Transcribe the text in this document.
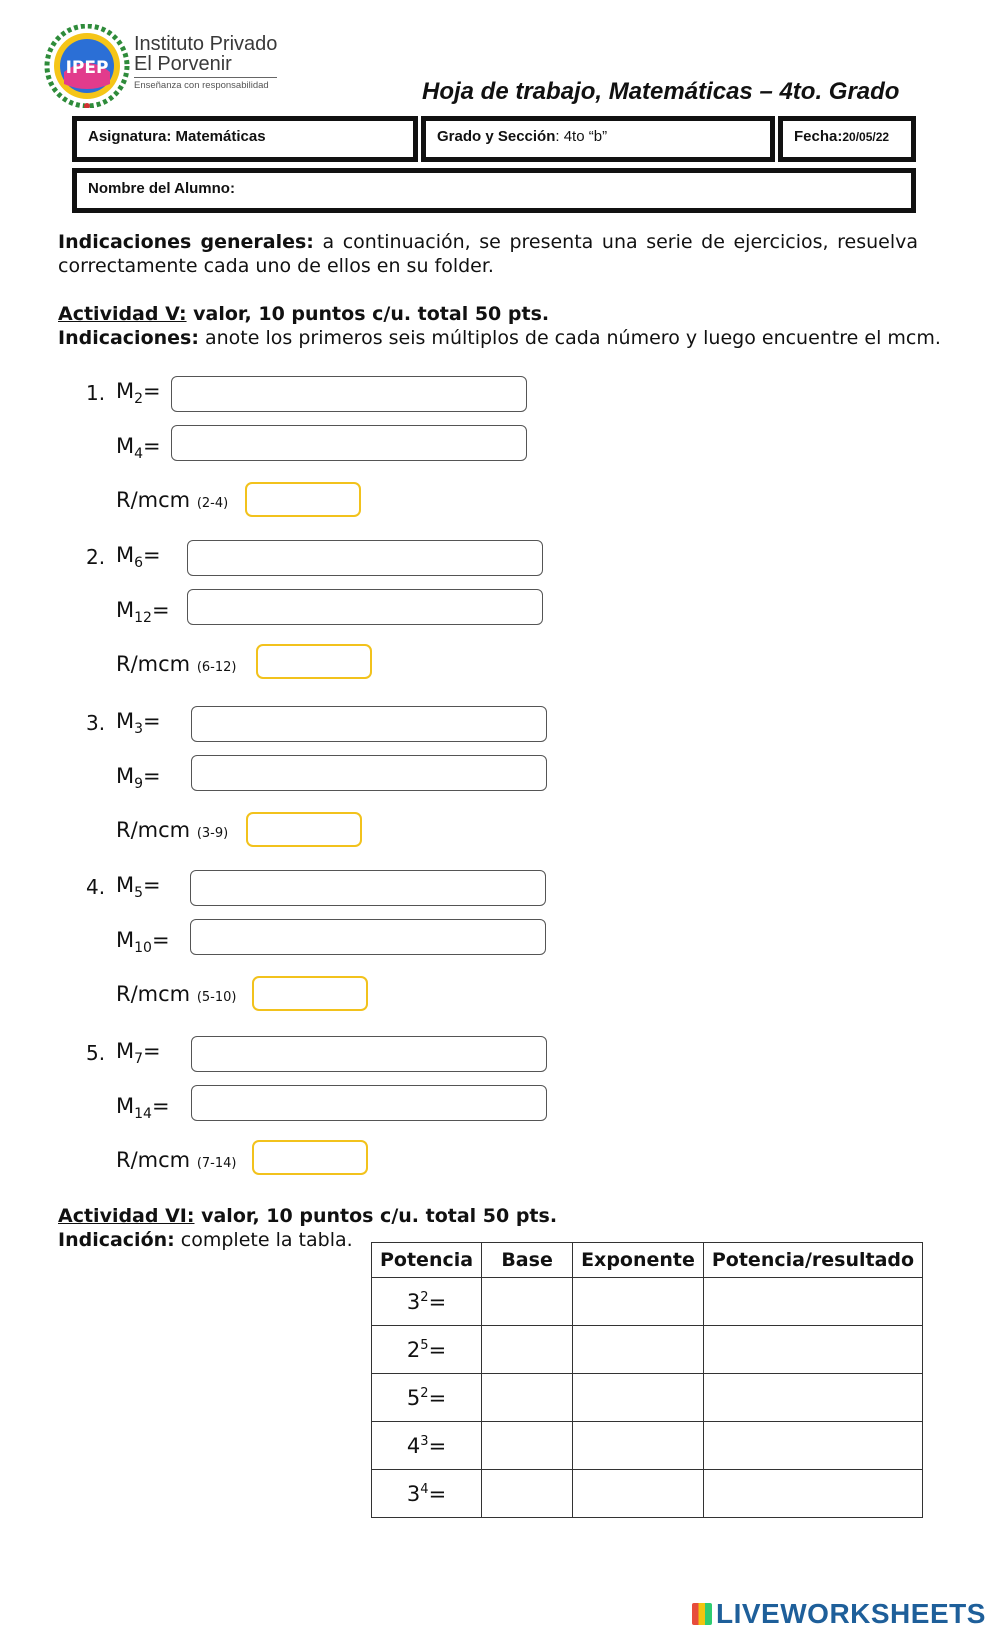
IPEP
Instituto Privado
El Porvenir
Enseñanza con responsabilidad	Hoja de trabajo, Matemáticas – 4to. Grado
Asignatura: Matemáticas	Grado y Sección: 4to “b”	Fecha:20/05/22
Nombre del Alumno:
Indicaciones generales: a continuación, se presenta una serie de ejercicios, resuelva correctamente cada uno de ellos en su folder.
Actividad V: valor, 10 puntos c/u. total 50 pts.
Indicaciones: anote los primeros seis múltiplos de cada número y luego encuentre el mcm.
1. $M_2=$
$M_4=$
R/mcm (2-4)
2. $M_6=$
$M_{12}=$
R/mcm (6-12)
3. $M_3=$
$M_9=$
R/mcm (3-9)
4. $M_5=$
$M_{10}=$
R/mcm (5-10)
5. $M_7=$
$M_{14}=$
R/mcm (7-14)
Actividad VI: valor, 10 puntos c/u. total 50 pts.
Indicación: complete la tabla.
Potencia	Base	Exponente	Potencia/resultado
$3^2=$			
$2^5=$			
$5^2=$			
$4^3=$			
$3^4=$			
LIVEWORKSHEETS
